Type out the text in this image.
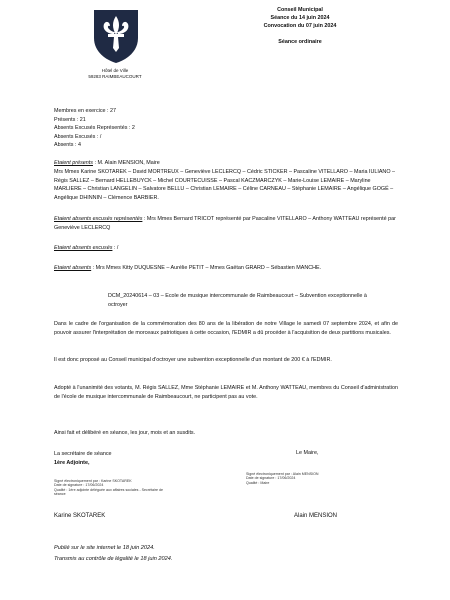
Hôtel de Ville
59283 RAIMBEAUCOURT
Conseil Municipal
Séance du 14 juin 2024
Convocation du 07 juin 2024
Séance ordinaire
Membres en exercice : 27
Présents : 21
Absents Excusés Représentés : 2
Absents Excusés : /
Absents : 4
Etaient présents : M. Alain MENSION, Maire
Mrs Mmes Karine SKOTAREK – David MORTREUX – Geneviève LECLERCQ – Cédric STICKER – Pascaline VITELLARO – Maria IULIANO – Régis SALLEZ – Bernard HELLEBUYCK – Michel COURTECUISSE – Pascal KACZMARCZYK – Marie-Louise LEMAIRE – Maryline MARLIERE – Christian LANGELIN – Salvatore BELLU – Christian LEMAIRE – Céline CARNEAU – Stéphanie LEMAIRE – Angélique GOGÉ – Angélique DHINNIN – Clémence BARBIER.
Etaient absents excusés représentés : Mrs Mmes Bernard TRICOT représenté par Pascaline VITELLARO – Anthony WATTEAU représenté par Geneviève LECLERCQ
Etaient absents excusés : /
Etaient absents : Mrs Mmes Kitty DUQUESNE – Aurélie PETIT – Mmes Gaëtan GRARD – Sébastien MANCHE.
DCM_20240614 – 03 – Ecole de musique intercommunale de Raimbeaucourt – Subvention exceptionnelle à octroyer
Dans le cadre de l'organisation de la commémoration des 80 ans de la libération de notre Village le samedi 07 septembre 2024, et afin de pouvoir assurer l'interprétation de morceaux patriotiques à cette occasion, l'EDMIR a dû procéder à l'acquisition de deux partitions musicales.
Il est donc proposé au Conseil municipal d'octroyer une subvention exceptionnelle d'un montant de 200 € à l'EDMIR.
Adopté à l'unanimité des votants, M. Régis SALLEZ, Mme Stéphanie LEMAIRE et M. Anthony WATTEAU, membres du Conseil d'administration de l'école de musique intercommunale de Raimbeaucourt, ne participent pas au vote.
Ainsi fait et délibéré en séance, les jour, mois et an susdits.
La secrétaire de séance
1ère Adjointe,
Signé électroniquement par : Karine SKOTAREK
Date de signature : 17/06/2024
Qualité : 1ère adjointe déléguée aux affaires sociales - Secrétaire de séance
Karine SKOTAREK
Le Maire,
Signé électroniquement par : Alain MENSION
Date de signature : 17/06/2024
Qualité : Maire
Alain MENSION
Publié sur le site internet le 18 juin 2024.
Transmis au contrôle de légalité le 18 juin 2024.
